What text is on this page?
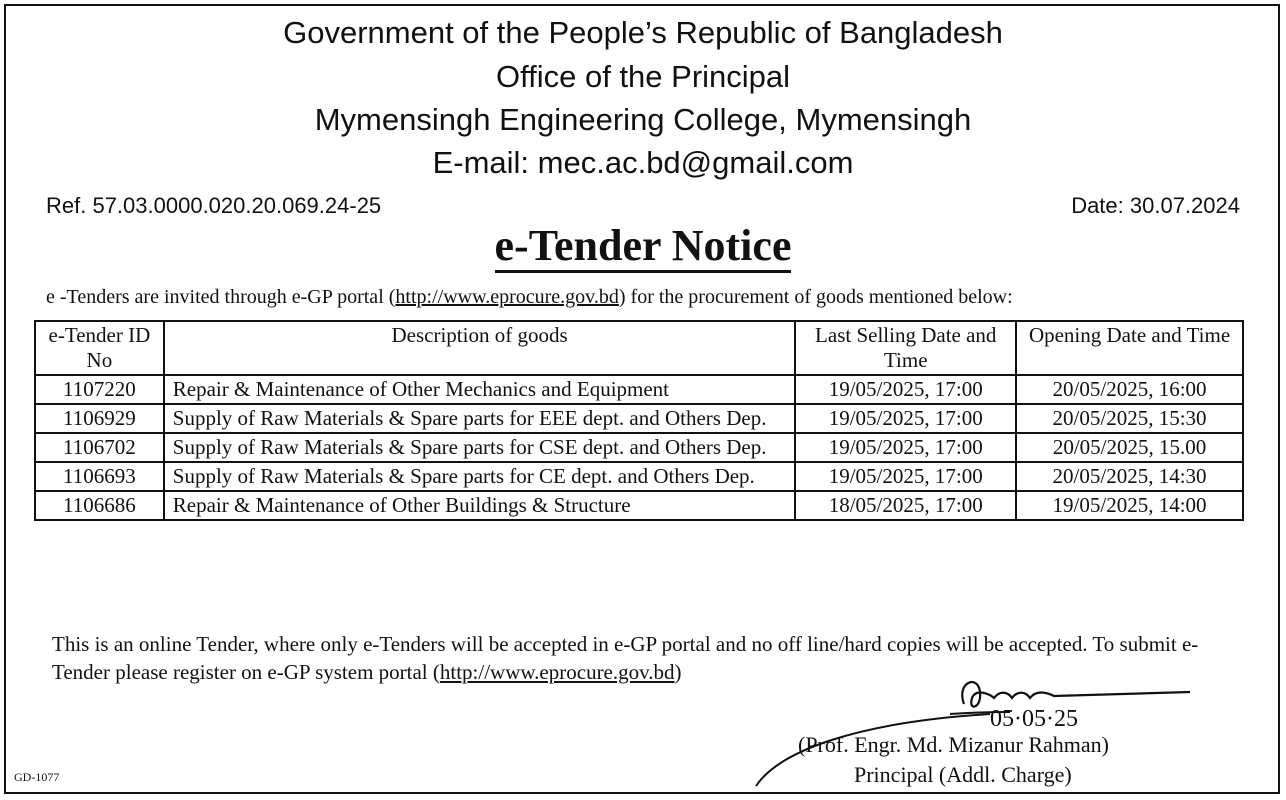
Government of the People’s Republic of Bangladesh
Office of the Principal
Mymensingh Engineering College, Mymensingh
E-mail: mec.ac.bd@gmail.com
Ref. 57.03.0000.020.20.069.24-25	Date: 30.07.2024
e-Tender Notice
e -Tenders are invited through e-GP portal (http://www.eprocure.gov.bd) for the procurement of goods mentioned below:
e-Tender ID No	Description of goods	Last Selling Date and Time	Opening Date and Time
1107220	Repair & Maintenance of Other Mechanics and Equipment	19/05/2025, 17:00	20/05/2025, 16:00
1106929	Supply of Raw Materials & Spare parts for EEE dept. and Others Dep.	19/05/2025, 17:00	20/05/2025, 15:30
1106702	Supply of Raw Materials & Spare parts for CSE dept. and Others Dep.	19/05/2025, 17:00	20/05/2025, 15.00
1106693	Supply of Raw Materials & Spare parts for CE dept. and Others Dep.	19/05/2025, 17:00	20/05/2025, 14:30
1106686	Repair & Maintenance of Other Buildings & Structure	18/05/2025, 17:00	19/05/2025, 14:00
This is an online Tender, where only e-Tenders will be accepted in e-GP portal and no off line/hard copies will be accepted. To submit e-Tender please register on e-GP system portal (http://www.eprocure.gov.bd)
05·05·25
(Prof. Engr. Md. Mizanur Rahman)
Principal (Addl. Charge)
GD-1077
